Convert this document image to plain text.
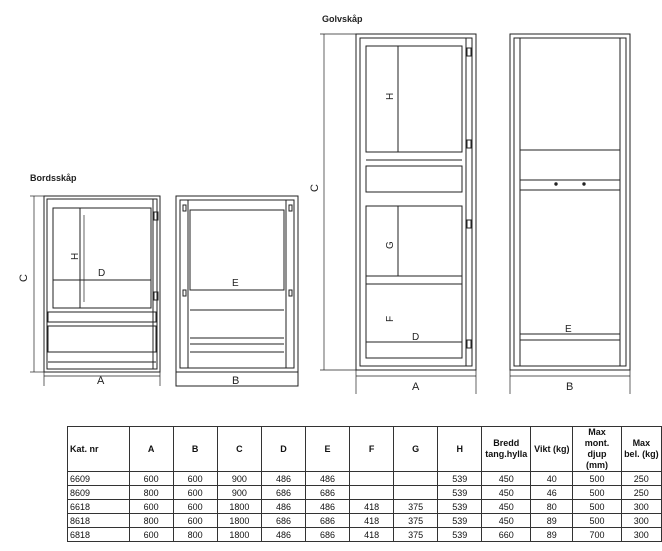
Bordsskåp
Golvskåp
A	B	A	B
C
C
D
H
E
H
G
F
D
E
Kat. nr	A	B	C	D	E	F	G	H	Bredd tang.hylla	Vikt (kg)	Max mont. djup (mm)	Max bel. (kg)
6609	600	600	900	486	486			539	450	40	500	250
8609	800	600	900	686	686			539	450	46	500	250
6618	600	600	1800	486	486	418	375	539	450	80	500	300
8618	800	600	1800	686	686	418	375	539	450	89	500	300
6818	600	800	1800	486	686	418	375	539	660	89	700	300
